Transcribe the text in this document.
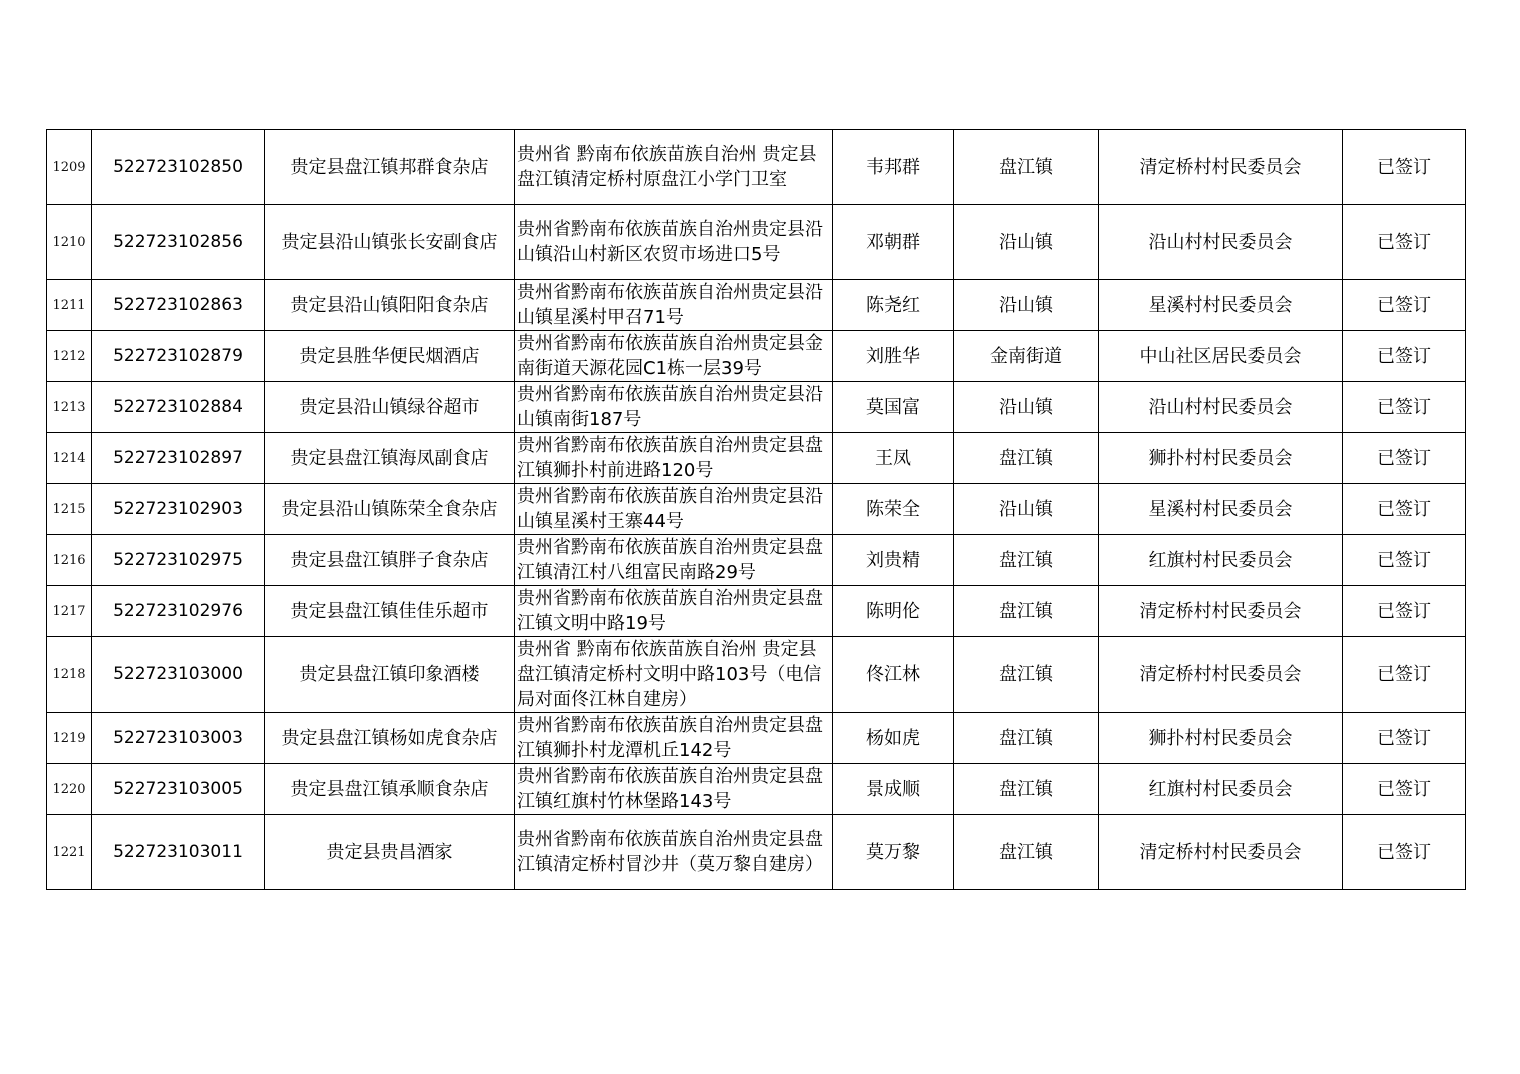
1209	522723102850	贵定县盘江镇邦群食杂店	贵州省 黔南布依族苗族自治州 贵定县盘江镇清定桥村原盘江小学门卫室	韦邦群	盘江镇	清定桥村村民委员会	已签订
1210	522723102856	贵定县沿山镇张长安副食店	贵州省黔南布依族苗族自治州贵定县沿山镇沿山村新区农贸市场进口5号	邓朝群	沿山镇	沿山村村民委员会	已签订
1211	522723102863	贵定县沿山镇阳阳食杂店	贵州省黔南布依族苗族自治州贵定县沿山镇星溪村甲召71号	陈尧红	沿山镇	星溪村村民委员会	已签订
1212	522723102879	贵定县胜华便民烟酒店	贵州省黔南布依族苗族自治州贵定县金南街道天源花园C1栋一层39号	刘胜华	金南街道	中山社区居民委员会	已签订
1213	522723102884	贵定县沿山镇绿谷超市	贵州省黔南布依族苗族自治州贵定县沿山镇南街187号	莫国富	沿山镇	沿山村村民委员会	已签订
1214	522723102897	贵定县盘江镇海凤副食店	贵州省黔南布依族苗族自治州贵定县盘江镇狮扑村前进路120号	王凤	盘江镇	狮扑村村民委员会	已签订
1215	522723102903	贵定县沿山镇陈荣全食杂店	贵州省黔南布依族苗族自治州贵定县沿山镇星溪村王寨44号	陈荣全	沿山镇	星溪村村民委员会	已签订
1216	522723102975	贵定县盘江镇胖子食杂店	贵州省黔南布依族苗族自治州贵定县盘江镇清江村八组富民南路29号	刘贵精	盘江镇	红旗村村民委员会	已签订
1217	522723102976	贵定县盘江镇佳佳乐超市	贵州省黔南布依族苗族自治州贵定县盘江镇文明中路19号	陈明伦	盘江镇	清定桥村村民委员会	已签订
1218	522723103000	贵定县盘江镇印象酒楼	贵州省 黔南布依族苗族自治州 贵定县盘江镇清定桥村文明中路103号（电信局对面佟江林自建房）	佟江林	盘江镇	清定桥村村民委员会	已签订
1219	522723103003	贵定县盘江镇杨如虎食杂店	贵州省黔南布依族苗族自治州贵定县盘江镇狮扑村龙潭机丘142号	杨如虎	盘江镇	狮扑村村民委员会	已签订
1220	522723103005	贵定县盘江镇承顺食杂店	贵州省黔南布依族苗族自治州贵定县盘江镇红旗村竹林堡路143号	景成顺	盘江镇	红旗村村民委员会	已签订
1221	522723103011	贵定县贵昌酒家	贵州省黔南布依族苗族自治州贵定县盘江镇清定桥村冒沙井（莫万黎自建房）	莫万黎	盘江镇	清定桥村村民委员会	已签订
